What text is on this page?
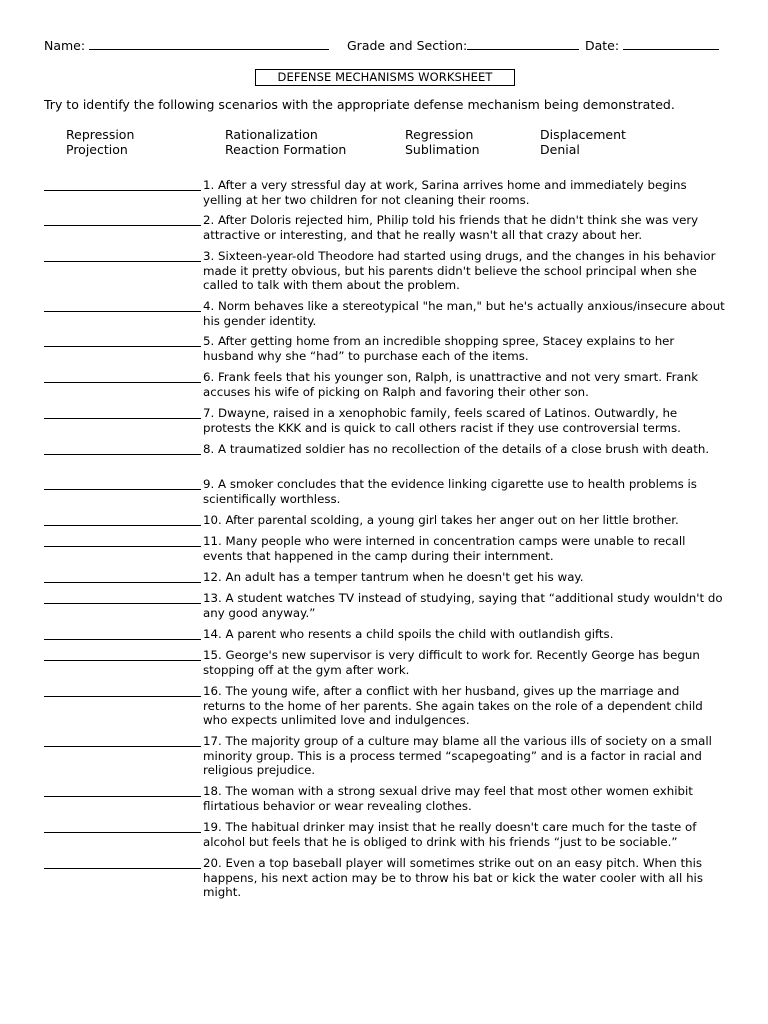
Name:	Grade and Section:	Date:
DEFENSE MECHANISMS WORKSHEET
Try to identify the following scenarios with the appropriate defense mechanism being demonstrated.
Repression	Rationalization	Regression	Displacement
Projection	Reaction Formation	Sublimation	Denial
1. After a very stressful day at work, Sarina arrives home and immediately begins yelling at her two children for not cleaning their rooms.
2. After Doloris rejected him, Philip told his friends that he didn't think she was very attractive or interesting, and that he really wasn't all that crazy about her.
3. Sixteen-year-old Theodore had started using drugs, and the changes in his behavior made it pretty obvious, but his parents didn't believe the school principal when she called to talk with them about the problem.
4. Norm behaves like a stereotypical "he man," but he's actually anxious/insecure about his gender identity.
5. After getting home from an incredible shopping spree, Stacey explains to her husband why she “had” to purchase each of the items.
6. Frank feels that his younger son, Ralph, is unattractive and not very smart. Frank accuses his wife of picking on Ralph and favoring their other son.
7. Dwayne, raised in a xenophobic family, feels scared of Latinos. Outwardly, he protests the KKK and is quick to call others racist if they use controversial terms.
8. A traumatized soldier has no recollection of the details of a close brush with death.
9. A smoker concludes that the evidence linking cigarette use to health problems is scientifically worthless.
10. After parental scolding, a young girl takes her anger out on her little brother.
11. Many people who were interned in concentration camps were unable to recall events that happened in the camp during their internment.
12. An adult has a temper tantrum when he doesn't get his way.
13. A student watches TV instead of studying, saying that “additional study wouldn't do any good anyway.”
14. A parent who resents a child spoils the child with outlandish gifts.
15. George's new supervisor is very difficult to work for. Recently George has begun stopping off at the gym after work.
16. The young wife, after a conflict with her husband, gives up the marriage and returns to the home of her parents. She again takes on the role of a dependent child who expects unlimited love and indulgences.
17. The majority group of a culture may blame all the various ills of society on a small minority group. This is a process termed “scapegoating” and is a factor in racial and religious prejudice.
18. The woman with a strong sexual drive may feel that most other women exhibit flirtatious behavior or wear revealing clothes.
19. The habitual drinker may insist that he really doesn't care much for the taste of alcohol but feels that he is obliged to drink with his friends “just to be sociable.”
20. Even a top baseball player will sometimes strike out on an easy pitch. When this happens, his next action may be to throw his bat or kick the water cooler with all his might.
